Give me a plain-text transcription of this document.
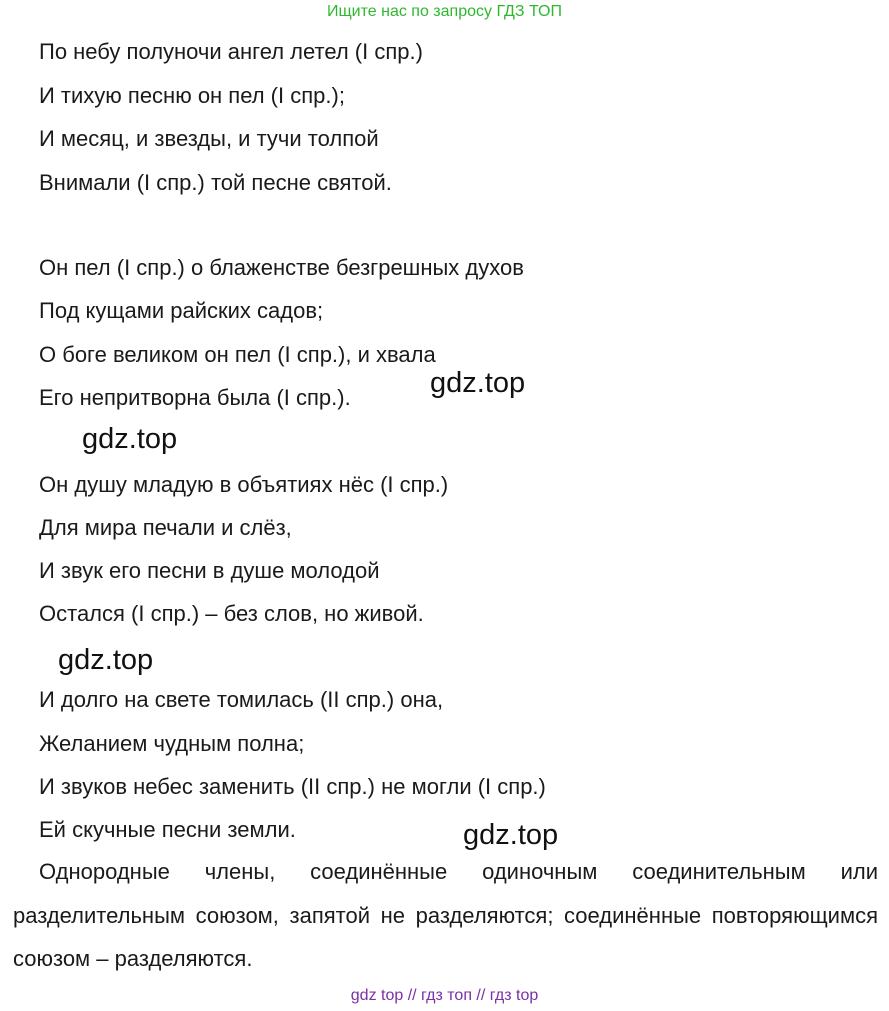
Ищите нас по запросу ГДЗ ТОП
По небу полуночи ангел летел (I спр.)
И тихую песню он пел (I спр.);
И месяц, и звезды, и тучи толпой
Внимали (I спр.) той песне святой.
Он пел (I спр.) о блаженстве безгрешных духов
Под кущами райских садов;
О боге великом он пел (I спр.), и хвала
Его непритворна была (I спр.).
Он душу младую в объятиях нёс (I спр.)
Для мира печали и слёз,
И звук его песни в душе молодой
Остался (I спр.) – без слов, но живой.
И долго на свете томилась (II спр.) она,
Желанием чудным полна;
И звуков небес заменить (II спр.) не могли (I спр.)
Ей скучные песни земли.
gdz.top
gdz.top
gdz.top
gdz.top

Однородные члены, соединённые одиночным соединительным или разделительным союзом, запятой не разделяются; соединённые повторяющимся союзом – разделяются.

gdz top // гдз топ // гдз top
